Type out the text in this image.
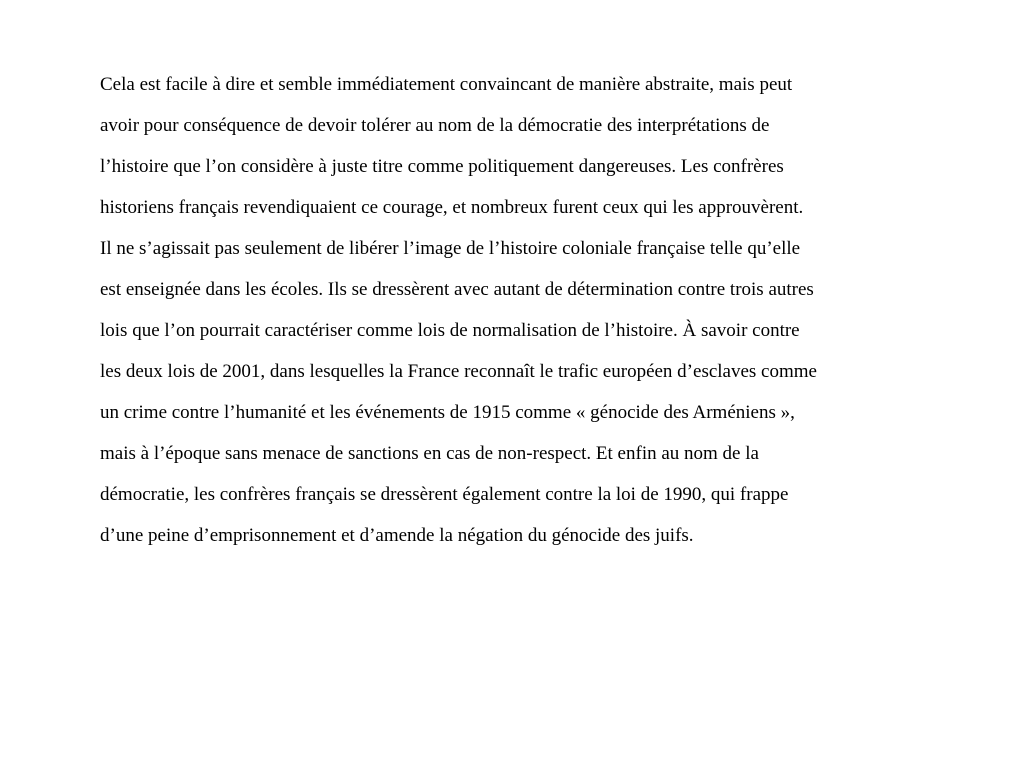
Cela est facile à dire et semble immédiatement convaincant de manière abstraite, mais peut
avoir pour conséquence de devoir tolérer au nom de la démocratie des interprétations de
l’histoire que l’on considère à juste titre comme politiquement dangereuses. Les confrères
historiens français revendiquaient ce courage, et nombreux furent ceux qui les approuvèrent.
Il ne s’agissait pas seulement de libérer l’image de l’histoire coloniale française telle qu’elle
est enseignée dans les écoles. Ils se dressèrent avec autant de détermination contre trois autres
lois que l’on pourrait caractériser comme lois de normalisation de l’histoire. À savoir contre
les deux lois de 2001, dans lesquelles la France reconnaît le trafic européen d’esclaves comme
un crime contre l’humanité et les événements de 1915 comme « génocide des Arméniens »,
mais à l’époque sans menace de sanctions en cas de non-respect. Et enfin au nom de la
démocratie, les confrères français se dressèrent également contre la loi de 1990, qui frappe
d’une peine d’emprisonnement et d’amende la négation du génocide des juifs.
